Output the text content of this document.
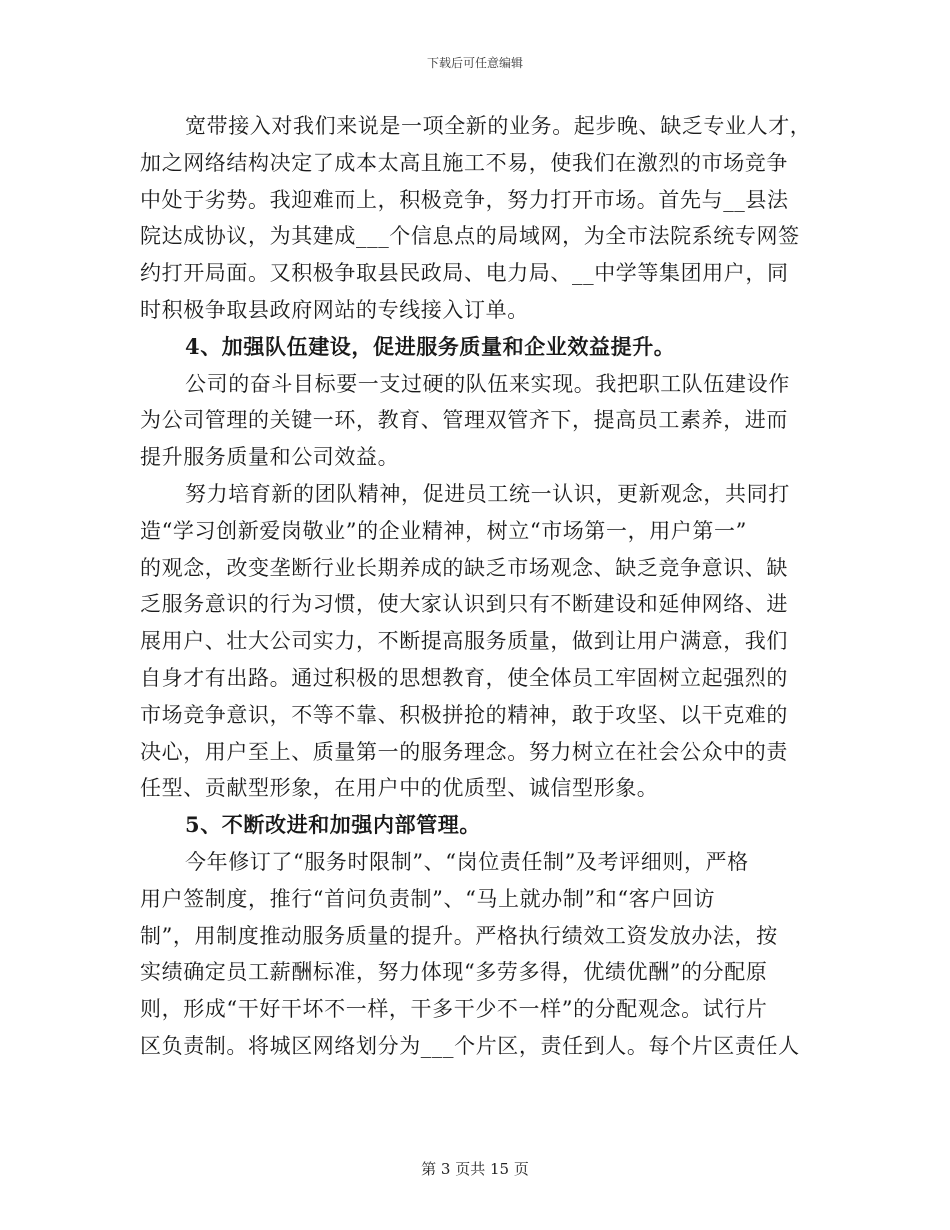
下载后可任意编辑
宽带接入对我们来说是一项全新的业务。起步晚、缺乏专业人才，
加之网络结构决定了成本太高且施工不易，使我们在激烈的市场竞争
中处于劣势。我迎难而上，积极竞争，努力打开市场。首先与__县法
院达成协议，为其建成___个信息点的局域网，为全市法院系统专网签
约打开局面。又积极争取县民政局、电力局、__中学等集团用户，同
时积极争取县政府网站的专线接入订单。
4、加强队伍建设，促进服务质量和企业效益提升。
公司的奋斗目标要一支过硬的队伍来实现。我把职工队伍建设作
为公司管理的关键一环，教育、管理双管齐下，提高员工素养，进而
提升服务质量和公司效益。
努力培育新的团队精神，促进员工统一认识，更新观念，共同打
造“学习创新爱岗敬业”的企业精神，树立“市场第一，用户第一”
的观念，改变垄断行业长期养成的缺乏市场观念、缺乏竞争意识、缺
乏服务意识的行为习惯，使大家认识到只有不断建设和延伸网络、进
展用户、壮大公司实力，不断提高服务质量，做到让用户满意，我们
自身才有出路。通过积极的思想教育，使全体员工牢固树立起强烈的
市场竞争意识，不等不靠、积极拼抢的精神，敢于攻坚、以干克难的
决心，用户至上、质量第一的服务理念。努力树立在社会公众中的责
任型、贡献型形象，在用户中的优质型、诚信型形象。
5、不断改进和加强内部管理。
今年修订了“服务时限制”、“岗位责任制”及考评细则，严格
用户签制度，推行“首问负责制”、“马上就办制”和“客户回访
制”，用制度推动服务质量的提升。严格执行绩效工资发放办法，按
实绩确定员工薪酬标准，努力体现“多劳多得，优绩优酬”的分配原
则，形成“干好干坏不一样，干多干少不一样”的分配观念。试行片
区负责制。将城区网络划分为___个片区，责任到人。每个片区责任人
第 3 页共 15 页
